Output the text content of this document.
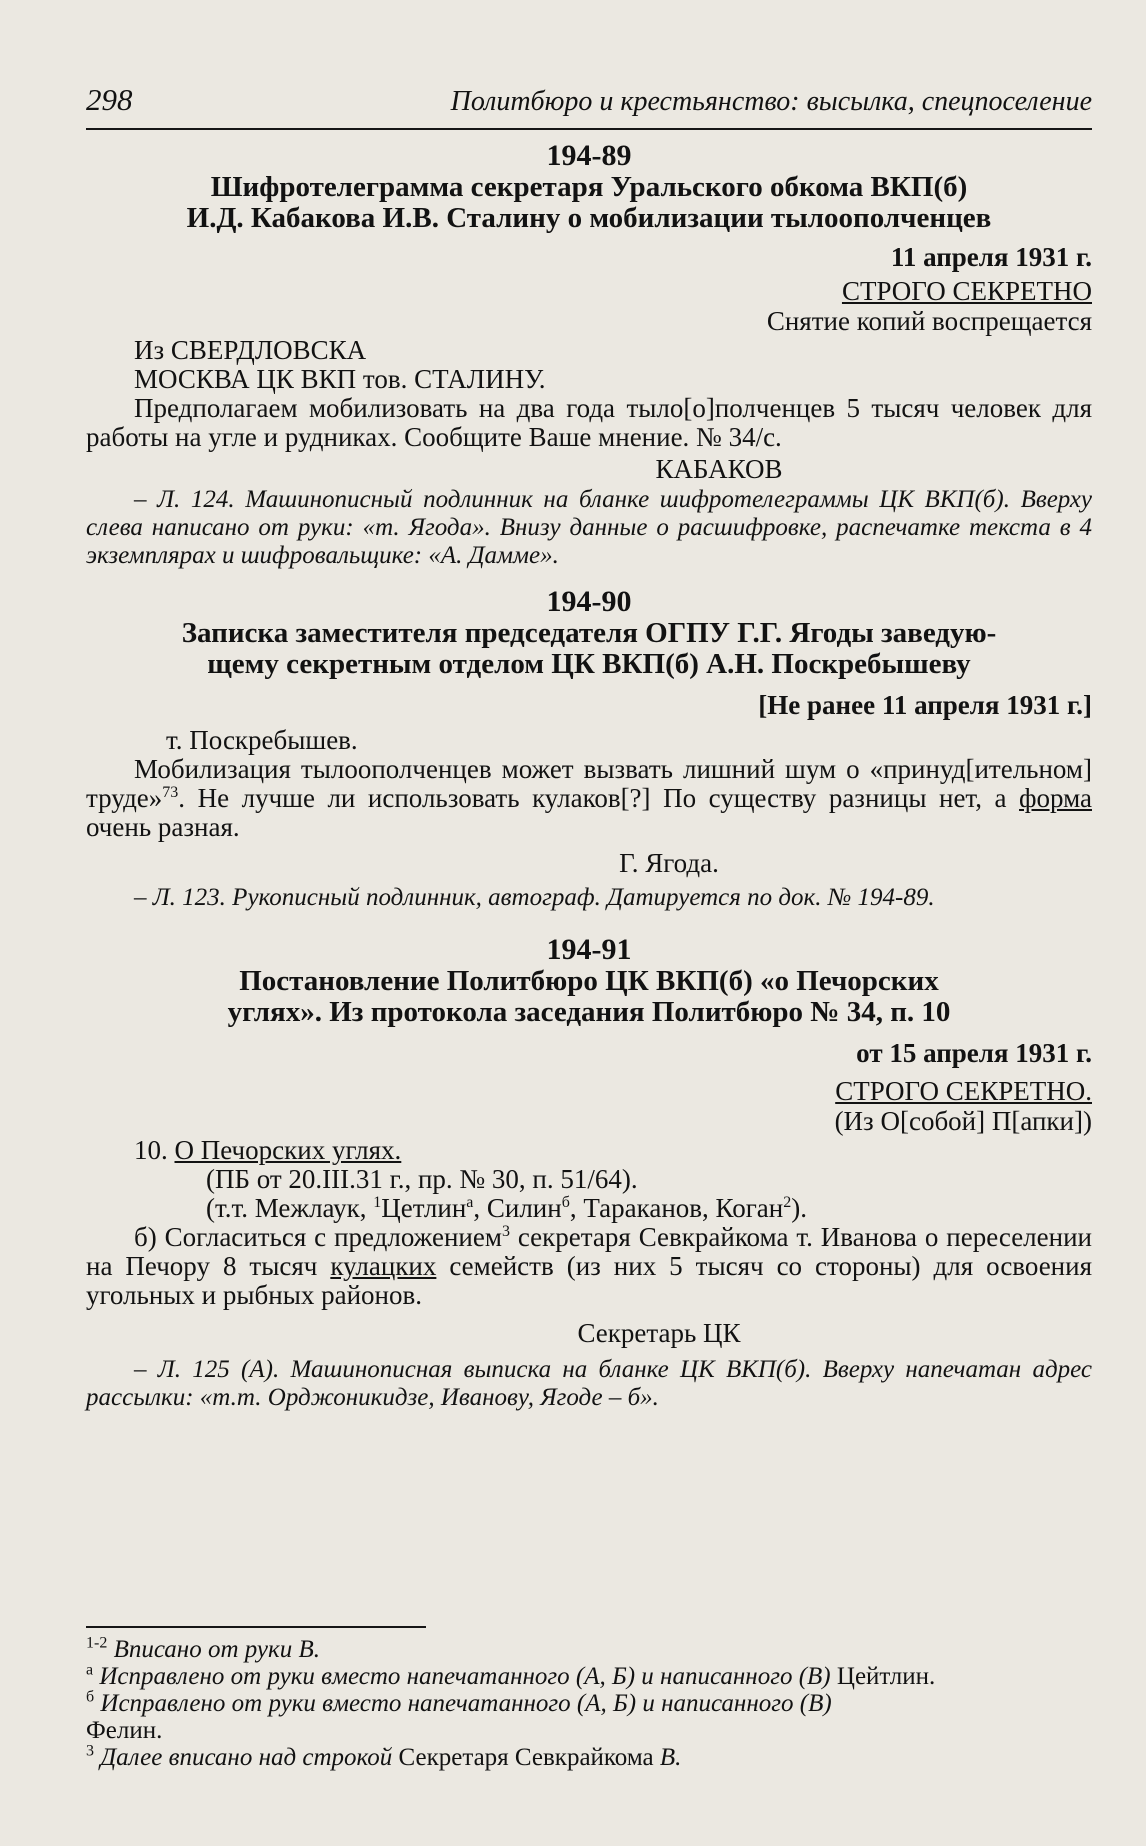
298	Политбюро и крестьянство: высылка, спецпоселение
194-89
Шифротелеграмма секретаря Уральского обкома ВКП(б)
И.Д. Кабакова И.В. Сталину о мобилизации тылоополченцев
11 апреля 1931 г.
СТРОГО СЕКРЕТНО
Снятие копий воспрещается
Из СВЕРДЛОВСКА
МОСКВА ЦК ВКП тов. СТАЛИНУ.
Предполагаем мобилизовать на два года тыло[о]полченцев 5 тысяч человек для работы на угле и рудниках. Сообщите Ваше мнение. № 34/с.
КАБАКОВ
– Л. 124. Машинописный подлинник на бланке шифротелеграммы ЦК ВКП(б). Вверху слева написано от руки: «т. Ягода». Внизу данные о расшифровке, распечатке текста в 4 экземплярах и шифровальщике: «А. Дамме».
194-90
Записка заместителя председателя ОГПУ Г.Г. Ягоды заведую-
щему секретным отделом ЦК ВКП(б) А.Н. Поскребышеву
[Не ранее 11 апреля 1931 г.]
т. Поскребышев.
Мобилизация тылоополченцев может вызвать лишний шум о «принуд[ительном] труде»$^{73}$. Не лучше ли использовать кулаков[?] По существу разницы нет, а форма очень разная.
Г. Ягода.
– Л. 123. Рукописный подлинник, автограф. Датируется по док. № 194-89.
194-91
Постановление Политбюро ЦК ВКП(б) «о Печорских
углях». Из протокола заседания Политбюро № 34, п. 10
от 15 апреля 1931 г.
СТРОГО СЕКРЕТНО.
(Из О[собой] П[апки])
10. О Печорских углях.
(ПБ от 20.III.31 г., пр. № 30, п. 51/64).
(т.т. Межлаук, $^1$Цетлин$^а$, Силин$^б$, Тараканов, Коган$^2$).
б) Согласиться с предложением$^3$ секретаря Севкрайкома т. Иванова о переселении на Печору 8 тысяч кулацких семейств (из них 5 тысяч со стороны) для освоения угольных и рыбных районов.
Секретарь ЦК
– Л. 125 (А). Машинописная выписка на бланке ЦК ВКП(б). Вверху напечатан адрес рассылки: «т.т. Орджоникидзе, Иванову, Ягоде – б».
$^{1-2}$ Вписано от руки В.
$^а$ Исправлено от руки вместо напечатанного (А, Б) и написанного (В) Цейтлин.
$^б$ Исправлено от руки вместо напечатанного (А, Б) и написанного (В)
Фелин.
$^3$ Далее вписано над строкой Секретаря Севкрайкома В.
